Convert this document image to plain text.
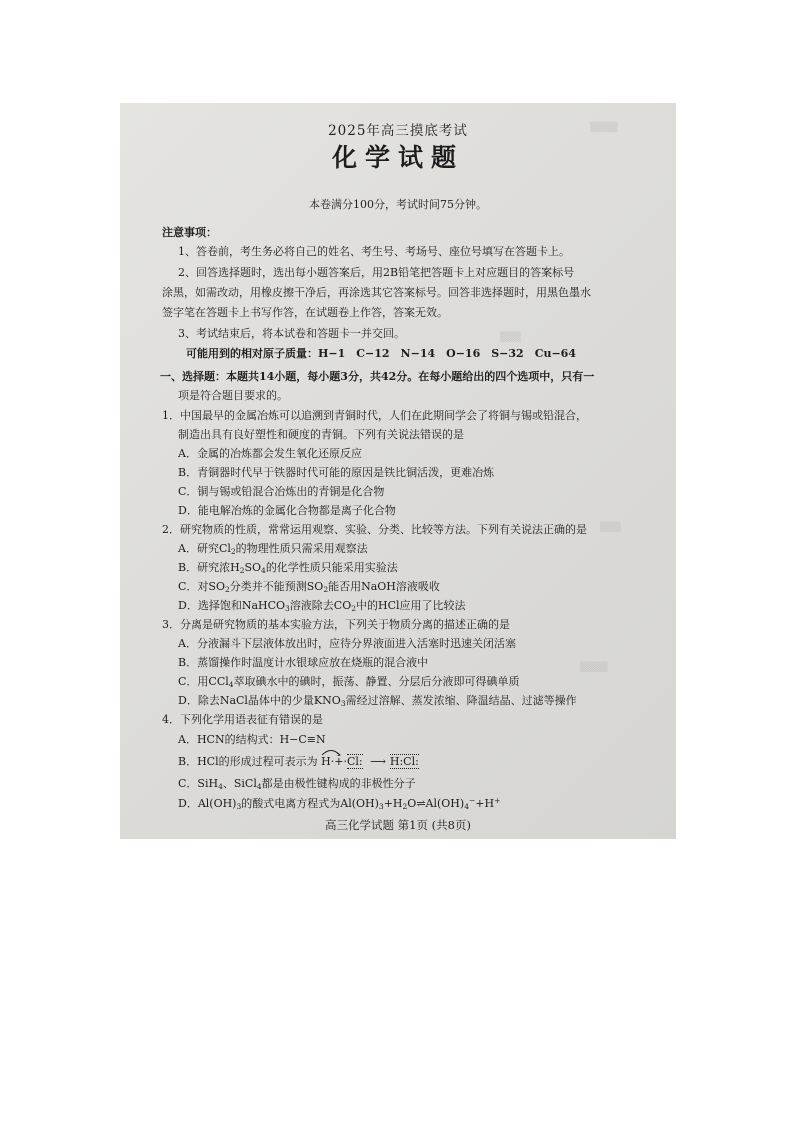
▒▒▒▒
▒▒▒
▒▒▒
▒▒▒▒
2025年高三摸底考试
化学试题
本卷满分100分，考试时间75分钟。
注意事项：
1、答卷前，考生务必将自己的姓名、考生号、考场号、座位号填写在答题卡上。
2、回答选择题时，选出每小题答案后，用2B铅笔把答题卡上对应题目的答案标号
涂黑，如需改动，用橡皮擦干净后，再涂选其它答案标号。回答非选择题时，用黑色墨水
签字笔在答题卡上书写作答，在试题卷上作答，答案无效。
3、考试结束后，将本试卷和答题卡一并交回。
可能用到的相对原子质量：H−1　C−12　N−14　O−16　S−32　Cu−64
一、选择题：本题共14小题，每小题3分，共42分。在每小题给出的四个选项中，只有一
项是符合题目要求的。
1．中国最早的金属冶炼可以追溯到青铜时代，人们在此期间学会了将铜与锡或铅混合，
制造出具有良好塑性和硬度的青铜。下列有关说法错误的是
A．金属的冶炼都会发生氧化还原反应
B．青铜器时代早于铁器时代可能的原因是铁比铜活泼，更难冶炼
C．铜与锡或铅混合冶炼出的青铜是化合物
D．能电解冶炼的金属化合物都是离子化合物
2．研究物质的性质，常常运用观察、实验、分类、比较等方法。下列有关说法正确的是
A．研究$Cl_2$的物理性质只需采用观察法
B．研究浓$H_2SO_4$的化学性质只能采用实验法
C．对$SO_2$分类并不能预测$SO_2$能否用NaOH溶液吸收
D．选择饱和NaHCO$_3$溶液除去$CO_2$中的HCl应用了比较法
3．分离是研究物质的基本实验方法，下列关于物质分离的描述正确的是
A．分液漏斗下层液体放出时，应待分界液面进入活塞时迅速关闭活塞
B．蒸馏操作时温度计水银球应放在烧瓶的混合液中
C．用CCl$_4$萃取碘水中的碘时，振荡、静置、分层后分液即可得碘单质
D．除去NaCl晶体中的少量$KNO_3$需经过溶解、蒸发浓缩、降温结晶、过滤等操作
4．下列化学用语表征有错误的是
A．HCN的结构式：H−C≡N
B．HCl的形成过程可表示为 H·+·Cl: ⟶ H:Cl:
C．SiH$_4$、SiCl$_4$都是由极性键构成的非极性分子
D．$Al(OH)_3$的酸式电离方程式为$Al(OH)_3+H_2O\rightleftharpoons Al(OH)_4^-+H^+$
高三化学试题 第1页 (共8页)
